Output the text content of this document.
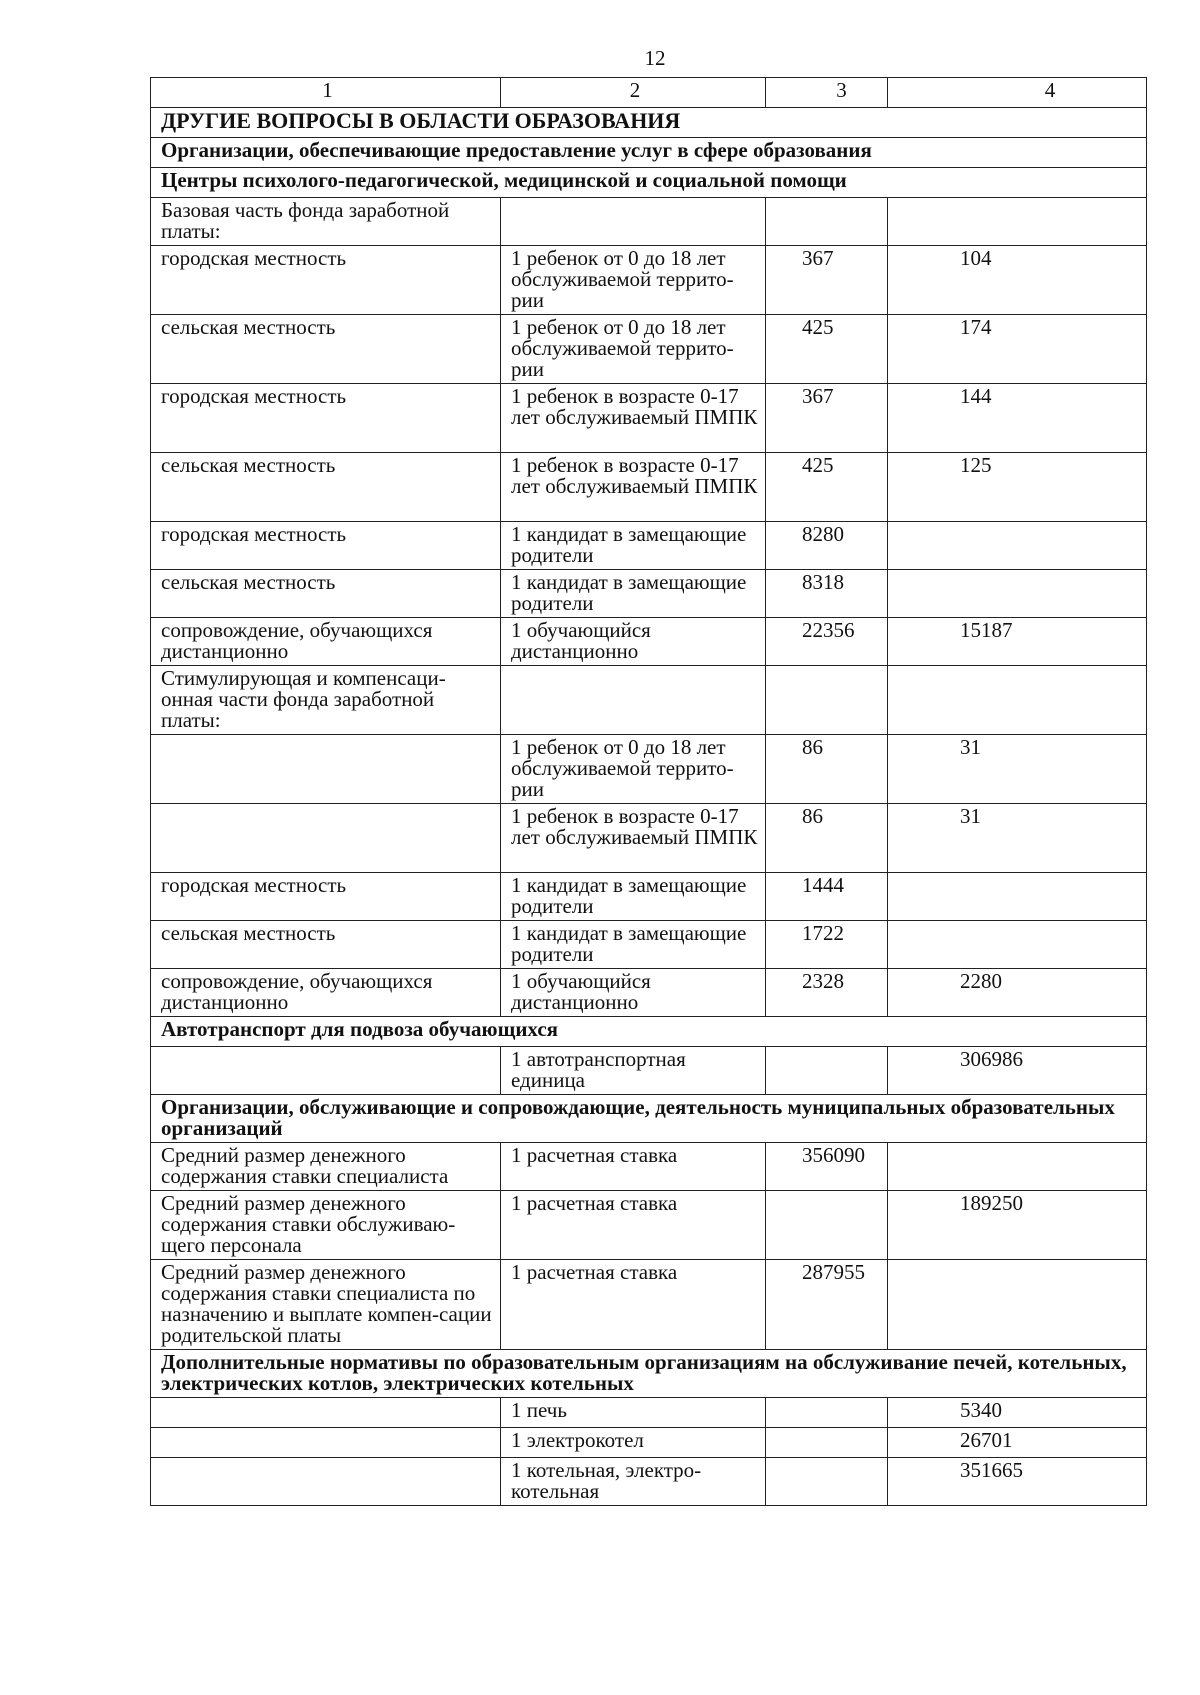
12
1	2	3	4
ДРУГИЕ ВОПРОСЫ В ОБЛАСТИ ОБРАЗОВАНИЯ			
Организации, обеспечивающие предоставление услуг в сфере образования			
Центры психолого-педагогической, медицинской и социальной помощи			
Базовая часть фонда заработной платы:			
городская местность	1 ребенок от 0 до 18 лет обслуживаемой террито-рии	367	104
сельская местность	1 ребенок от 0 до 18 лет обслуживаемой террито-рии	425	174
городская местность	1 ребенок в возрасте 0-17 лет обслуживаемый ПМПК	367	144
сельская местность	1 ребенок в возрасте 0-17 лет обслуживаемый ПМПК	425	125
городская местность	1 кандидат в замещающие родители	8280	
сельская местность	1 кандидат в замещающие родители	8318	
сопровождение, обучающихся дистанционно	1 обучающийся дистанционно	22356	15187
Стимулирующая и компенсаци-онная части фонда заработной платы:			
	1 ребенок от 0 до 18 лет обслуживаемой террито-рии	86	31
	1 ребенок в возрасте 0-17 лет обслуживаемый ПМПК	86	31
городская местность	1 кандидат в замещающие родители	1444	
сельская местность	1 кандидат в замещающие родители	1722	
сопровождение, обучающихся дистанционно	1 обучающийся дистанционно	2328	2280
Автотранспорт для подвоза обучающихся			
	1 автотранспортная единица		306986
Организации, обслуживающие и сопровождающие, деятельность муниципальных образовательных организаций			
Средний размер денежного содержания ставки специалиста	1 расчетная ставка	356090	
Средний размер денежного содержания ставки обслуживаю-щего персонала	1 расчетная ставка		189250
Средний размер денежного содержания ставки специалиста по назначению и выплате компен-сации родительской платы	1 расчетная ставка	287955	
Дополнительные нормативы по образовательным организациям на обслуживание печей, котельных, электрических котлов, электрических котельных			
	1 печь		5340
	1 электрокотел		26701
	1 котельная, электро-котельная		351665
